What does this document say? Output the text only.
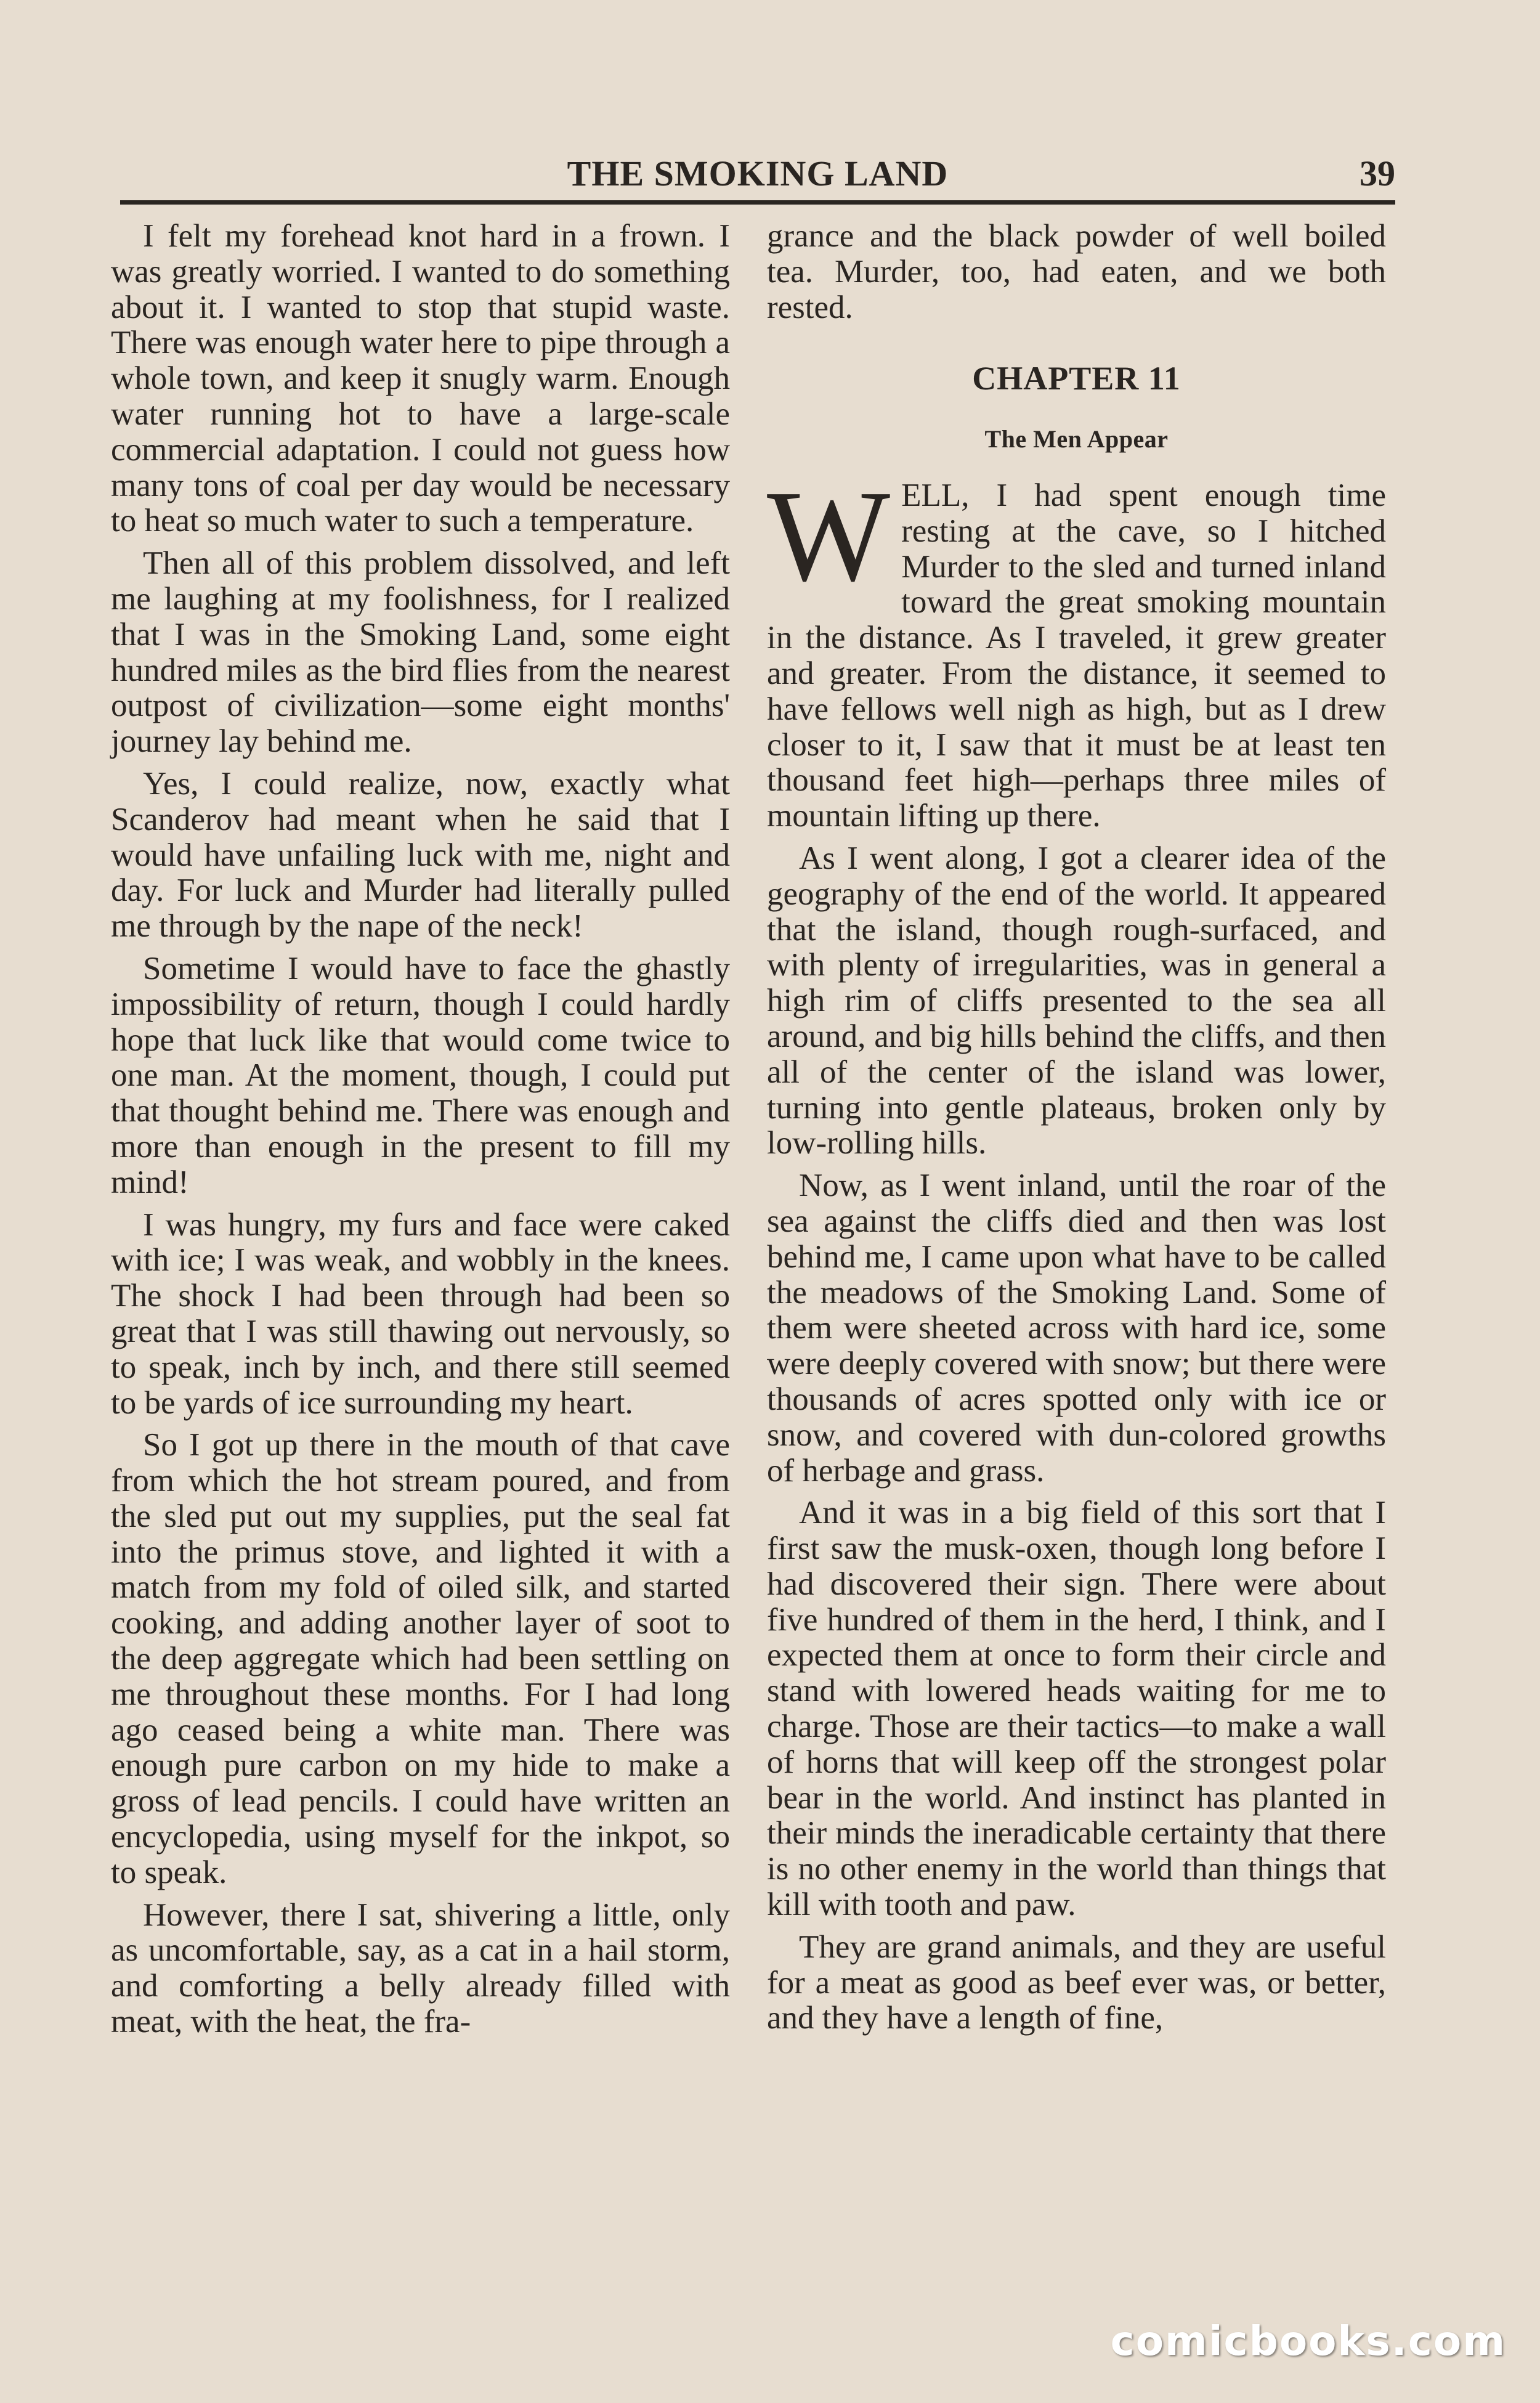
THE SMOKING LAND	39

I felt my forehead knot hard in a frown. I was greatly worried. I wanted to do something about it. I wanted to stop that stupid waste. There was enough water here to pipe through a whole town, and keep it snugly warm. Enough water running hot to have a large-scale commercial adaptation. I could not guess how many tons of coal per day would be necessary to heat so much water to such a temperature.

Then all of this problem dissolved, and left me laughing at my foolishness, for I realized that I was in the Smoking Land, some eight hundred miles as the bird flies from the nearest outpost of civilization—some eight months' journey lay behind me.

Yes, I could realize, now, exactly what Scanderov had meant when he said that I would have unfailing luck with me, night and day. For luck and Murder had literally pulled me through by the nape of the neck!

Sometime I would have to face the ghastly impossibility of return, though I could hardly hope that luck like that would come twice to one man. At the moment, though, I could put that thought behind me. There was enough and more than enough in the present to fill my mind!

I was hungry, my furs and face were caked with ice; I was weak, and wobbly in the knees. The shock I had been through had been so great that I was still thawing out nervously, so to speak, inch by inch, and there still seemed to be yards of ice surrounding my heart.

So I got up there in the mouth of that cave from which the hot stream poured, and from the sled put out my supplies, put the seal fat into the primus stove, and lighted it with a match from my fold of oiled silk, and started cooking, and adding another layer of soot to the deep aggregate which had been settling on me throughout these months. For I had long ago ceased being a white man. There was enough pure carbon on my hide to make a gross of lead pencils. I could have written an encyclopedia, using myself for the inkpot, so to speak.

However, there I sat, shivering a little, only as uncomfortable, say, as a cat in a hail storm, and comforting a belly already filled with meat, with the heat, the fra-

grance and the black powder of well boiled tea. Murder, too, had eaten, and we both rested.

CHAPTER 11
The Men Appear

WELL, I had spent enough time resting at the cave, so I hitched Murder to the sled and turned inland toward the great smoking mountain in the distance. As I traveled, it grew greater and greater. From the distance, it seemed to have fellows well nigh as high, but as I drew closer to it, I saw that it must be at least ten thousand feet high—perhaps three miles of mountain lifting up there.

As I went along, I got a clearer idea of the geography of the end of the world. It appeared that the island, though rough-surfaced, and with plenty of irregularities, was in general a high rim of cliffs presented to the sea all around, and big hills behind the cliffs, and then all of the center of the island was lower, turning into gentle plateaus, broken only by low-rolling hills.

Now, as I went inland, until the roar of the sea against the cliffs died and then was lost behind me, I came upon what have to be called the meadows of the Smoking Land. Some of them were sheeted across with hard ice, some were deeply covered with snow; but there were thousands of acres spotted only with ice or snow, and covered with dun-colored growths of herbage and grass.

And it was in a big field of this sort that I first saw the musk-oxen, though long before I had discovered their sign. There were about five hundred of them in the herd, I think, and I expected them at once to form their circle and stand with lowered heads waiting for me to charge. Those are their tactics—to make a wall of horns that will keep off the strongest polar bear in the world. And instinct has planted in their minds the ineradicable certainty that there is no other enemy in the world than things that kill with tooth and paw.

They are grand animals, and they are useful for a meat as good as beef ever was, or better, and they have a length of fine,

comicbooks.com
